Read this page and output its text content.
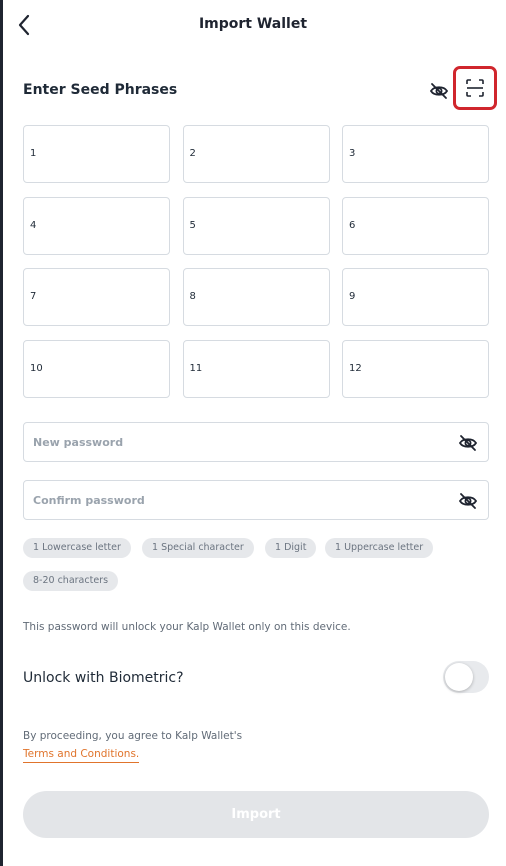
Import Wallet
Enter Seed Phrases
1	2	3
4	5	6
7	8	9
10	11	12
New password
Confirm password
1 Lowercase letter	1 Special character	1 Digit	1 Uppercase letter
8-20 characters
This password will unlock your Kalp Wallet only on this device.
Unlock with Biometric?
By proceeding, you agree to Kalp Wallet's
Terms and Conditions.
Import
